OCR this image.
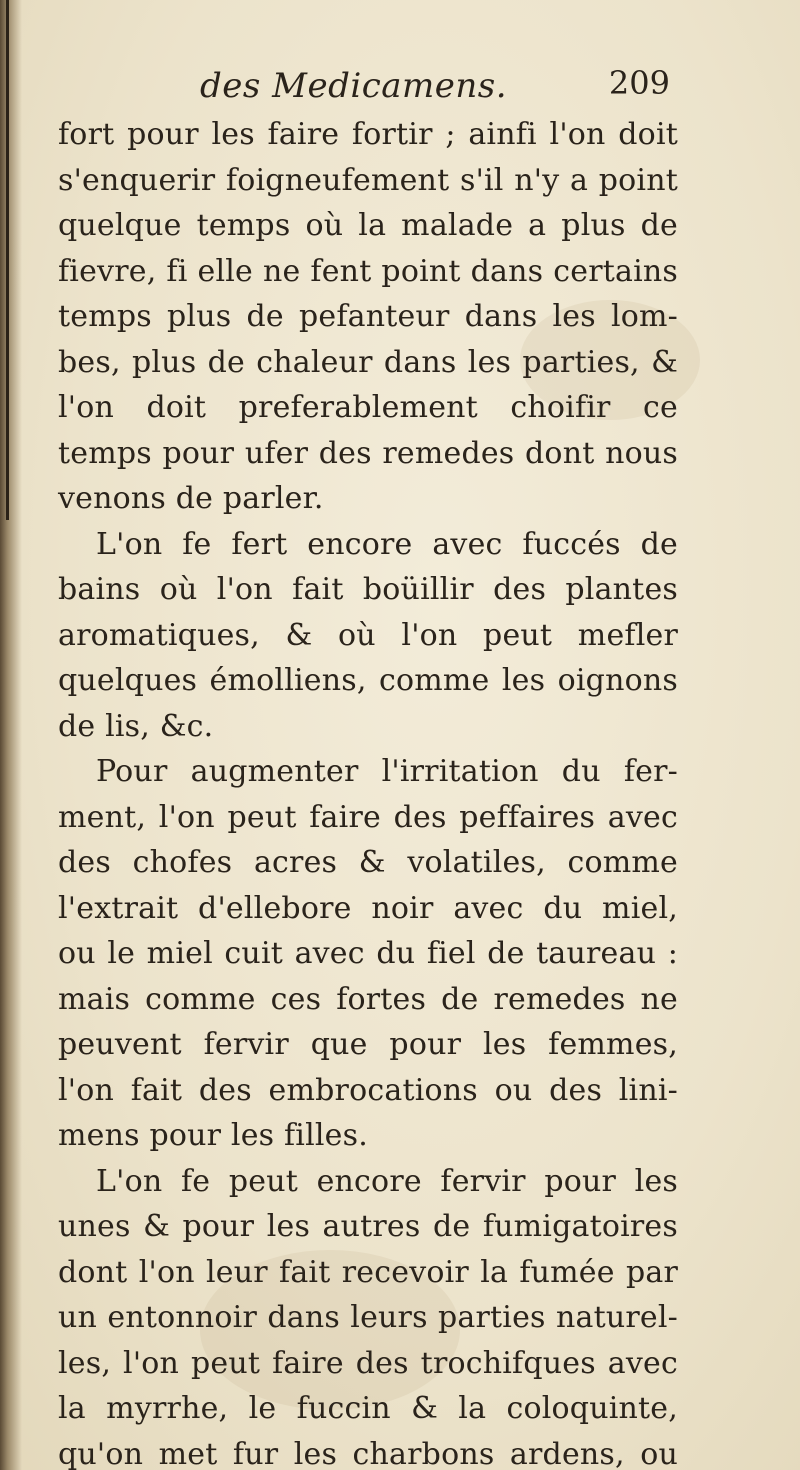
des Medicamens.	209
fort pour les faire fortir ; ainfi l'on doit
s'enquerir foigneufement s'il n'y a point
quelque temps où la malade a plus de
fievre, fi elle ne fent point dans certains
temps plus de pefanteur dans les lom-
bes, plus de chaleur dans les parties, &
l'on doit preferablement choifir ce
temps pour ufer des remedes dont nous
venons de parler.
L'on fe fert encore avec fuccés de
bains où l'on fait boüillir des plantes
aromatiques, & où l'on peut mefler
quelques émolliens, comme les oignons
de lis, &c.
Pour augmenter l'irritation du fer-
ment, l'on peut faire des peffaires avec
des chofes acres & volatiles, comme
l'extrait d'ellebore noir avec du miel,
ou le miel cuit avec du fiel de taureau :
mais comme ces fortes de remedes ne
peuvent fervir que pour les femmes,
l'on fait des embrocations ou des lini-
mens pour les filles.
L'on fe peut encore fervir pour les
unes & pour les autres de fumigatoires
dont l'on leur fait recevoir la fumée par
un entonnoir dans leurs parties naturel-
les, l'on peut faire des trochifques avec
la myrrhe, le fuccin & la coloquinte,
qu'on met fur les charbons ardens, ou
